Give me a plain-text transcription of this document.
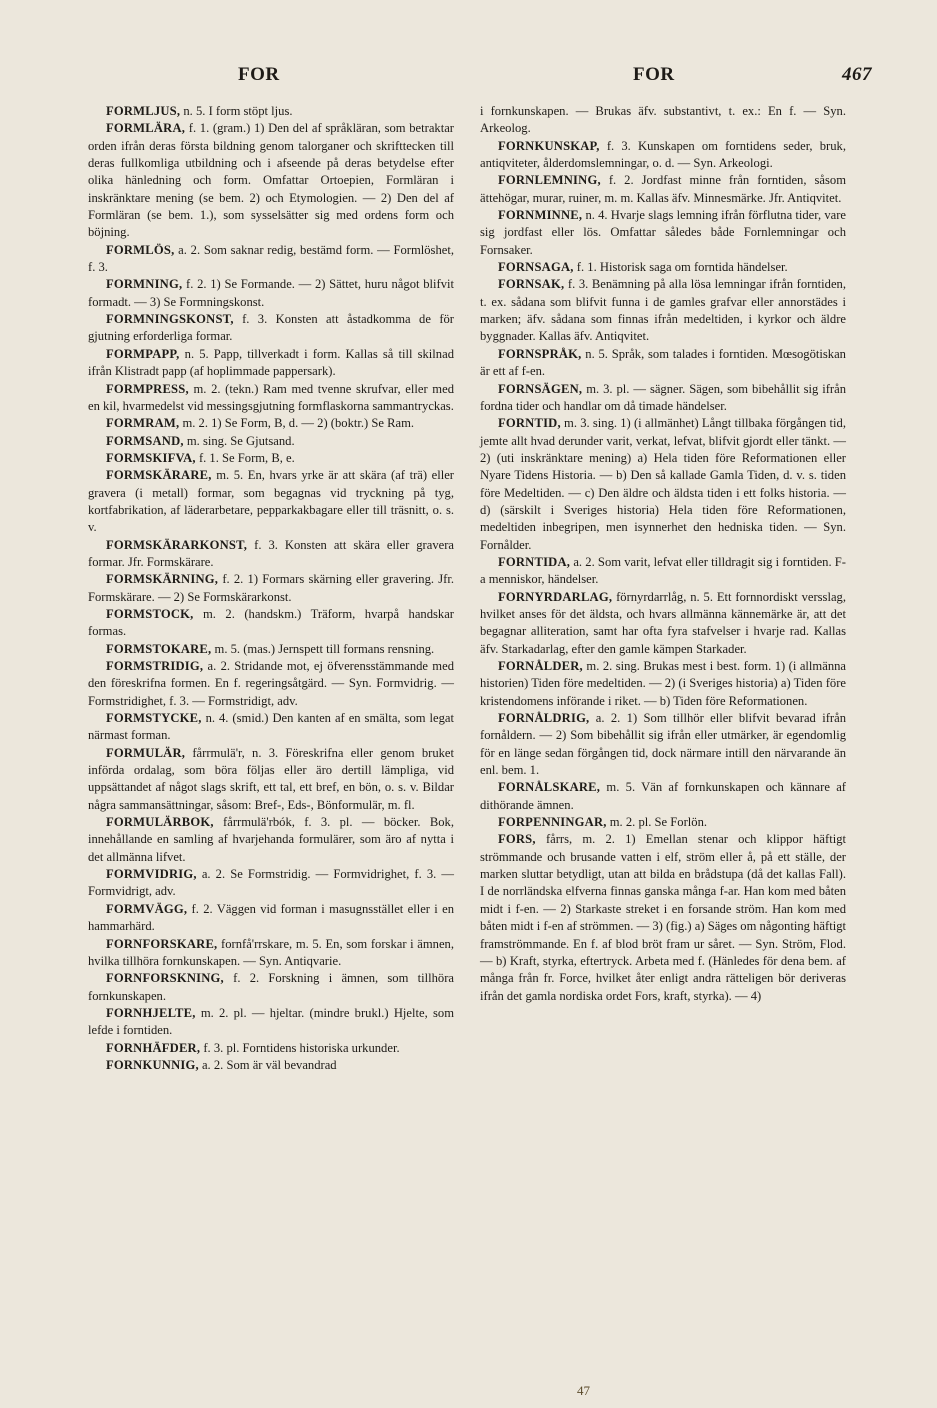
FOR	FOR	467

FORMLJUS, n. 5. I form stöpt ljus.

FORMLÄRA, f. 1. (gram.) 1) Den del af språkläran, som betraktar orden ifrån deras första bildning genom talorganer och skrifttecken till deras fullkomliga utbildning och i afseende på deras betydelse efter olika hänledning och form. Omfattar Ortoepien, Formläran i inskränktare mening (se bem. 2) och Etymologien. — 2) Den del af Formläran (se bem. 1.), som sysselsätter sig med ordens form och böjning.

FORMLÖS, a. 2. Som saknar redig, bestämd form. — Formlöshet, f. 3.

FORMNING, f. 2. 1) Se Formande. — 2) Sättet, huru något blifvit formadt. — 3) Se Formningskonst.

FORMNINGSKONST, f. 3. Konsten att åstadkomma de för gjutning erforderliga formar.

FORMPAPP, n. 5. Papp, tillverkadt i form. Kallas så till skilnad ifrån Klistradt papp (af hoplimmade pappersark).

FORMPRESS, m. 2. (tekn.) Ram med tvenne skrufvar, eller med en kil, hvarmedelst vid messingsgjutning formflaskorna sammantryckas.

FORMRAM, m. 2. 1) Se Form, B, d. — 2) (boktr.) Se Ram.

FORMSAND, m. sing. Se Gjutsand.

FORMSKIFVA, f. 1. Se Form, B, e.

FORMSKÄRARE, m. 5. En, hvars yrke är att skära (af trä) eller gravera (i metall) formar, som begagnas vid tryckning på tyg, kortfabrikation, af läderarbetare, pepparkakbagare eller till träsnitt, o. s. v.

FORMSKÄRARKONST, f. 3. Konsten att skära eller gravera formar. Jfr. Formskärare.

FORMSKÄRNING, f. 2. 1) Formars skärning eller gravering. Jfr. Formskärare. — 2) Se Formskärarkonst.

FORMSTOCK, m. 2. (handskm.) Träform, hvarpå handskar formas.

FORMSTOKARE, m. 5. (mas.) Jernspett till formans rensning.

FORMSTRIDIG, a. 2. Stridande mot, ej öfverensstämmande med den föreskrifna formen. En f. regeringsåtgärd. — Syn. Formvidrig. — Formstridighet, f. 3. — Formstridigt, adv.

FORMSTYCKE, n. 4. (smid.) Den kanten af en smälta, som legat närmast forman.

FORMULÄR, fårrmulä'r, n. 3. Föreskrifna eller genom bruket införda ordalag, som böra följas eller äro dertill lämpliga, vid uppsättandet af något slags skrift, ett tal, ett bref, en bön, o. s. v. Bildar några sammansättningar, såsom: Bref-, Eds-, Bönformulär, m. fl.

FORMULÄRBOK, fårrmulä'rbók, f. 3. pl. — böcker. Bok, innehållande en samling af hvarjehanda formulärer, som äro af nytta i det allmänna lifvet.

FORMVIDRIG, a. 2. Se Formstridig. — Formvidrighet, f. 3. — Formvidrigt, adv.

FORMVÄGG, f. 2. Väggen vid forman i masugnsstället eller i en hammarhärd.

FORNFORSKARE, fornfå'rrskare, m. 5. En, som forskar i ämnen, hvilka tillhöra fornkunskapen. — Syn. Antiqvarie.

FORNFORSKNING, f. 2. Forskning i ämnen, som tillhöra fornkunskapen.

FORNHJELTE, m. 2. pl. — hjeltar. (mindre brukl.) Hjelte, som lefde i forntiden.

FORNHÄFDER, f. 3. pl. Forntidens historiska urkunder.

FORNKUNNIG, a. 2. Som är väl bevandrad

i fornkunskapen. — Brukas äfv. substantivt, t. ex.: En f. — Syn. Arkeolog.

FORNKUNSKAP, f. 3. Kunskapen om forntidens seder, bruk, antiqviteter, ålderdomslemningar, o. d. — Syn. Arkeologi.

FORNLEMNING, f. 2. Jordfast minne från forntiden, såsom ättehögar, murar, ruiner, m. m. Kallas äfv. Minnesmärke. Jfr. Antiqvitet.

FORNMINNE, n. 4. Hvarje slags lemning ifrån förflutna tider, vare sig jordfast eller lös. Omfattar således både Fornlemningar och Fornsaker.

FORNSAGA, f. 1. Historisk saga om forntida händelser.

FORNSAK, f. 3. Benämning på alla lösa lemningar ifrån forntiden, t. ex. sådana som blifvit funna i de gamles grafvar eller annorstädes i marken; äfv. sådana som finnas ifrån medeltiden, i kyrkor och äldre byggnader. Kallas äfv. Antiqvitet.

FORNSPRÅK, n. 5. Språk, som talades i forntiden. Mœsogötiskan är ett af f-en.

FORNSÄGEN, m. 3. pl. — sägner. Sägen, som bibehållit sig ifrån fordna tider och handlar om då timade händelser.

FORNTID, m. 3. sing. 1) (i allmänhet) Långt tillbaka förgången tid, jemte allt hvad derunder varit, verkat, lefvat, blifvit gjordt eller tänkt. — 2) (uti inskränktare mening) a) Hela tiden före Reformationen eller Nyare Tidens Historia. — b) Den så kallade Gamla Tiden, d. v. s. tiden före Medeltiden. — c) Den äldre och äldsta tiden i ett folks historia. — d) (särskilt i Sveriges historia) Hela tiden före Reformationen, medeltiden inbegripen, men isynnerhet den hedniska tiden. — Syn. Fornålder.

FORNTIDA, a. 2. Som varit, lefvat eller tilldragit sig i forntiden. F-a menniskor, händelser.

FORNYRDARLAG, förnyrdarrlåg, n. 5. Ett fornnordiskt versslag, hvilket anses för det äldsta, och hvars allmänna kännemärke är, att det begagnar alliteration, samt har ofta fyra stafvelser i hvarje rad. Kallas äfv. Starkadarlag, efter den gamle kämpen Starkader.

FORNÅLDER, m. 2. sing. Brukas mest i best. form. 1) (i allmänna historien) Tiden före medeltiden. — 2) (i Sveriges historia) a) Tiden före kristendomens införande i riket. — b) Tiden före Reformationen.

FORNÅLDRIG, a. 2. 1) Som tillhör eller blifvit bevarad ifrån fornåldern. — 2) Som bibehållit sig ifrån eller utmärker, är egendomlig för en länge sedan förgången tid, dock närmare intill den närvarande än enl. bem. 1.

FORNÅLSKARE, m. 5. Vän af fornkunskapen och kännare af dithörande ämnen.

FORPENNINGAR, m. 2. pl. Se Forlön.

FORS, fårrs, m. 2. 1) Emellan stenar och klippor häftigt strömmande och brusande vatten i elf, ström eller å, på ett ställe, der marken sluttar betydligt, utan att bilda en brådstupa (då det kallas Fall). I de norrländska elfverna finnas ganska många f-ar. Han kom med båten midt i f-en. — 2) Starkaste streket i en forsande ström. Han kom med båten midt i f-en af strömmen. — 3) (fig.) a) Säges om någonting häftigt framströmmande. En f. af blod bröt fram ur såret. — Syn. Ström, Flod. — b) Kraft, styrka, eftertryck. Arbeta med f. (Hänledes för dena bem. af många från fr. Force, hvilket åter enligt andra rätteligen bör deriveras ifrån det gamla nordiska ordet Fors, kraft, styrka). — 4)

47
